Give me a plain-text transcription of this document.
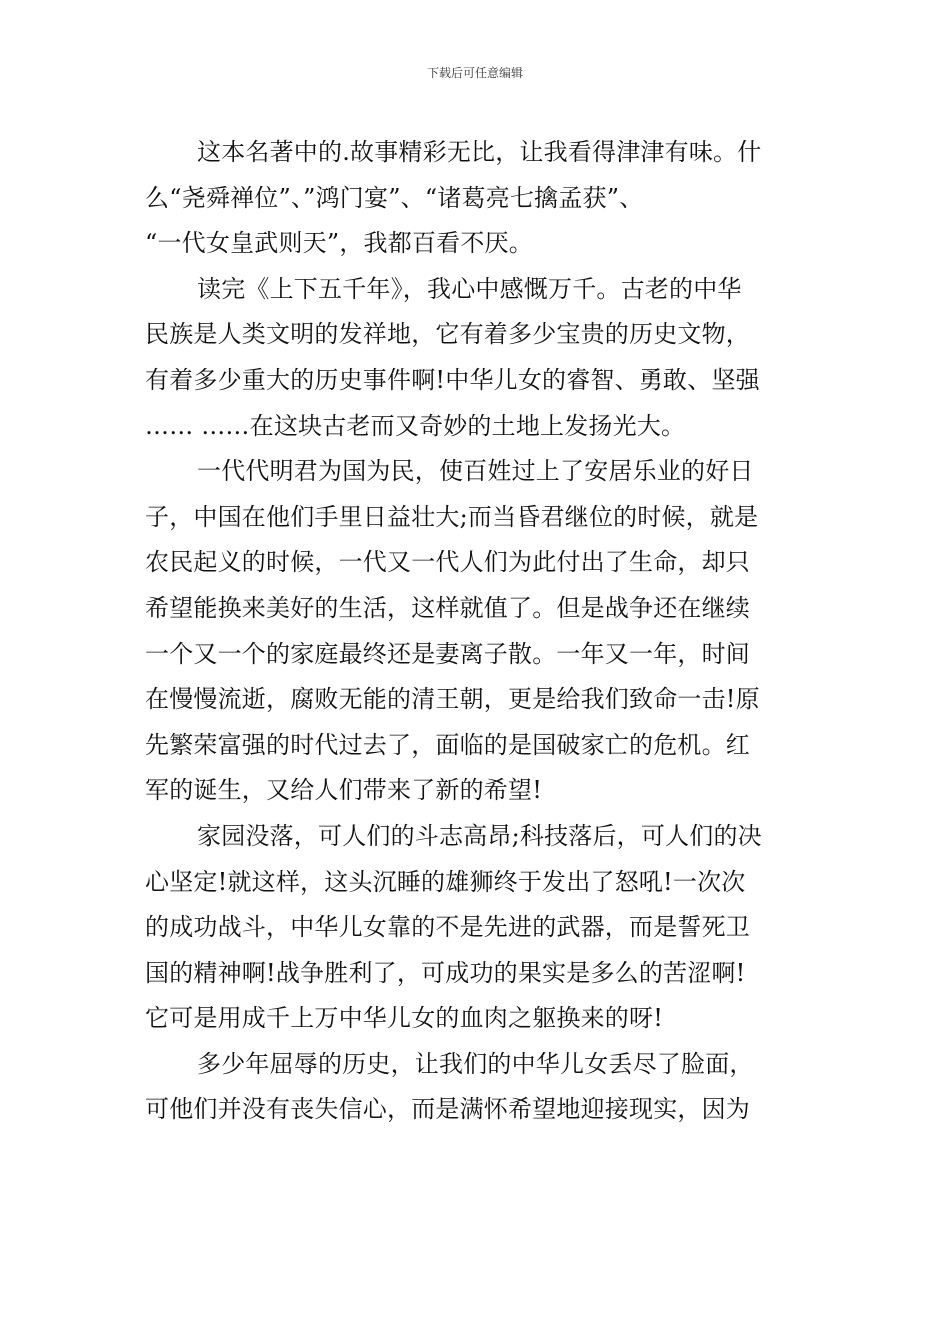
下载后可任意编辑

这本名著中的.故事精彩无比，让我看得津津有味。什
么“尧舜禅位”、”鸿门宴”、“诸葛亮七擒孟获”、
“一代女皇武则天”，我都百看不厌。

读完《上下五千年》，我心中感慨万千。古老的中华
民族是人类文明的发祥地，它有着多少宝贵的历史文物，
有着多少重大的历史事件啊!中华儿女的睿智、勇敢、坚强
…… ……在这块古老而又奇妙的土地上发扬光大。

一代代明君为国为民，使百姓过上了安居乐业的好日
子，中国在他们手里日益壮大;而当昏君继位的时候，就是
农民起义的时候，一代又一代人们为此付出了生命，却只
希望能换来美好的生活，这样就值了。但是战争还在继续
一个又一个的家庭最终还是妻离子散。一年又一年，时间
在慢慢流逝，腐败无能的清王朝，更是给我们致命一击!原
先繁荣富强的时代过去了，面临的是国破家亡的危机。红
军的诞生，又给人们带来了新的希望!

家园没落，可人们的斗志高昂;科技落后，可人们的决
心坚定!就这样，这头沉睡的雄狮终于发出了怒吼!一次次
的成功战斗，中华儿女靠的不是先进的武器，而是誓死卫
国的精神啊!战争胜利了，可成功的果实是多么的苦涩啊!
它可是用成千上万中华儿女的血肉之躯换来的呀!

多少年屈辱的历史，让我们的中华儿女丢尽了脸面，
可他们并没有丧失信心，而是满怀希望地迎接现实，因为
